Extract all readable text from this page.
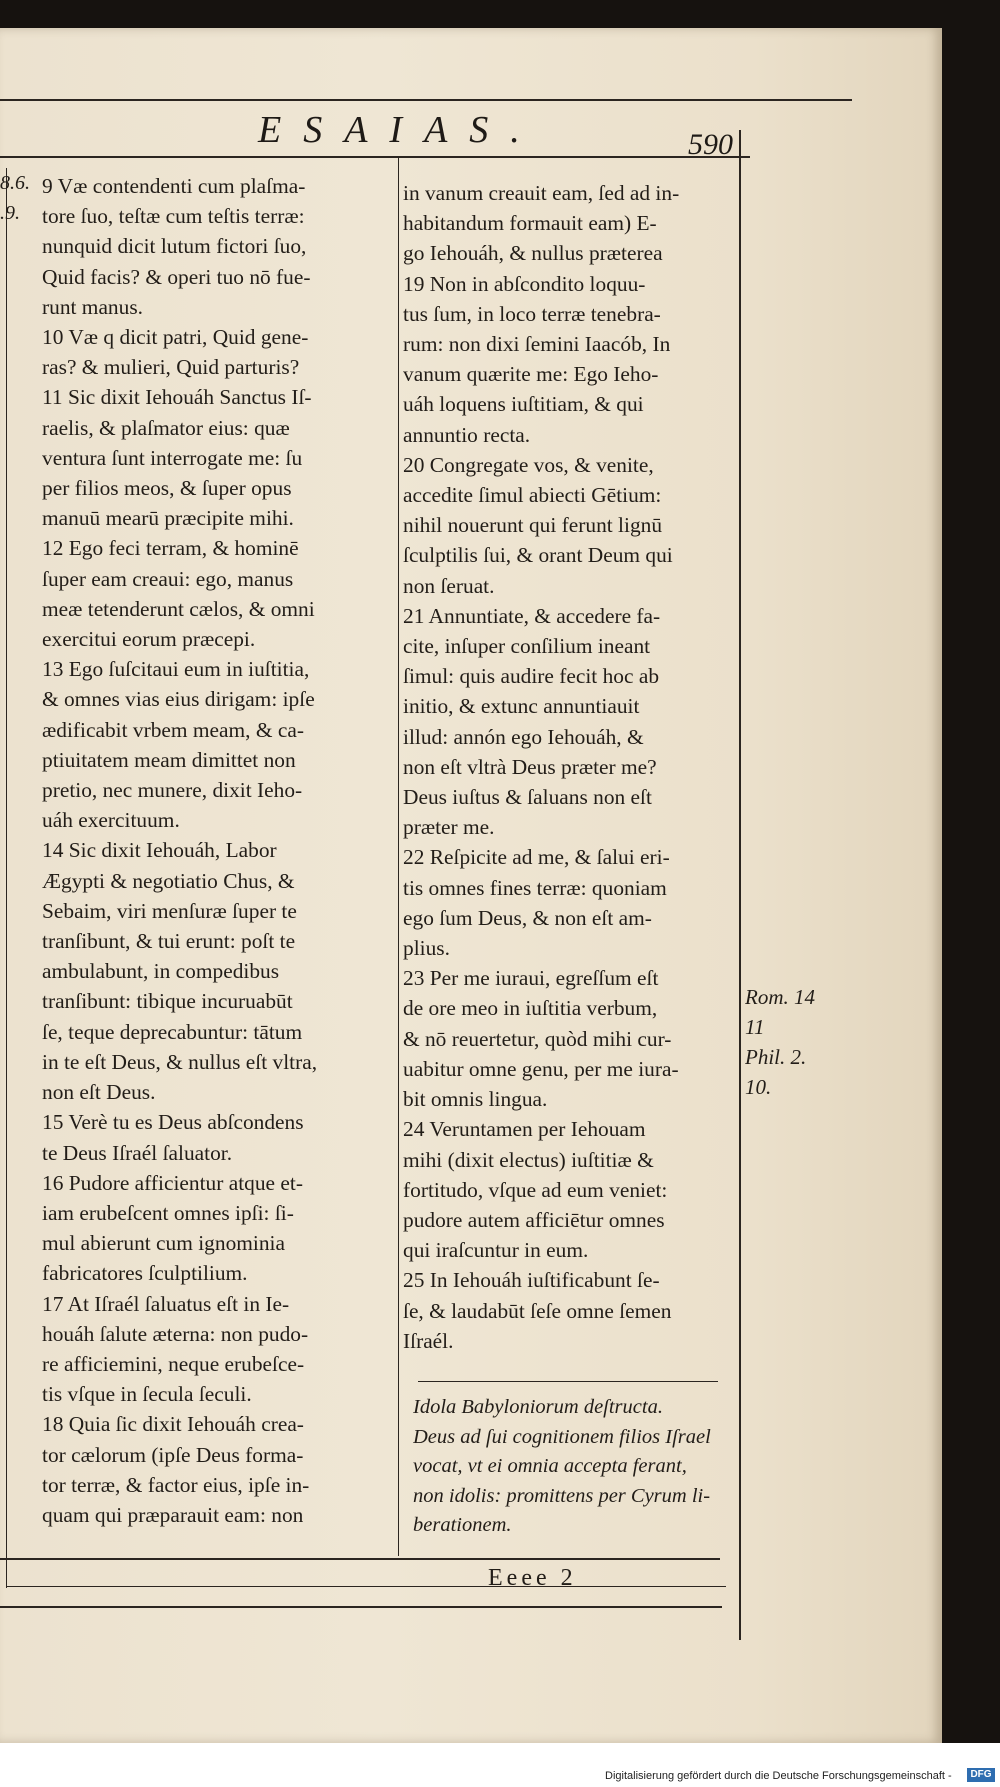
ESAIAS.	590
8.6.
.9.
9 Væ contendenti cum plaſma-
tore ſuo, teſtæ cum teſtis terræ:
nunquid dicit lutum fictori ſuo,
Quid facis? & operi tuo nō fue-
runt manus.
10 Væ q dicit patri, Quid gene-
ras? & mulieri, Quid parturis?
11 Sic dixit Iehouáh Sanctus Iſ-
raelis, & plaſmator eius: quæ
ventura ſunt interrogate me: ſu
per filios meos, & ſuper opus
manuū mearū præcipite mihi.
12 Ego feci terram, & hominē
ſuper eam creaui: ego, manus
meæ tetenderunt cælos, & omni
exercitui eorum præcepi.
13 Ego ſuſcitaui eum in iuſtitia,
& omnes vias eius dirigam: ipſe
ædificabit vrbem meam, & ca-
ptiuitatem meam dimittet non
pretio, nec munere, dixit Ieho-
uáh exercituum.
14 Sic dixit Iehouáh, Labor
Ægypti & negotiatio Chus, &
Sebaim, viri menſuræ ſuper te
tranſibunt, & tui erunt: poſt te
ambulabunt, in compedibus
tranſibunt: tibique incuruabūt
ſe, teque deprecabuntur: tātum
in te eſt Deus, & nullus eſt vltra,
non eſt Deus.
15 Verè tu es Deus abſcondens
te Deus Iſraél ſaluator.
16 Pudore afficientur atque et-
iam erubeſcent omnes ipſi: ſi-
mul abierunt cum ignominia
fabricatores ſculptilium.
17 At Iſraél ſaluatus eſt in Ie-
houáh ſalute æterna: non pudo-
re afficiemini, neque erubeſce-
tis vſque in ſecula ſeculi.
18 Quia ſic dixit Iehouáh crea-
tor cælorum (ipſe Deus forma-
tor terræ, & factor eius, ipſe in-
quam qui præparauit eam: non
in vanum creauit eam, ſed ad in-
habitandum formauit eam) E-
go Iehouáh, & nullus præterea
19 Non in abſcondito loquu-
tus ſum, in loco terræ tenebra-
rum: non dixi ſemini Iaacób, In
vanum quærite me: Ego Ieho-
uáh loquens iuſtitiam, & qui
annuntio recta.
20 Congregate vos, & venite,
accedite ſimul abiecti Gētium:
nihil nouerunt qui ferunt lignū
ſculptilis ſui, & orant Deum qui
non ſeruat.
21 Annuntiate, & accedere fa-
cite, inſuper conſilium ineant
ſimul: quis audire fecit hoc ab
initio, & extunc annuntiauit
illud: annón ego Iehouáh, &
non eſt vltrà Deus præter me?
Deus iuſtus & ſaluans non eſt
præter me.
22 Reſpicite ad me, & ſalui eri-
tis omnes fines terræ: quoniam
ego ſum Deus, & non eſt am-
plius.
23 Per me iuraui, egreſſum eſt
de ore meo in iuſtitia verbum,
& nō reuertetur, quòd mihi cur-
uabitur omne genu, per me iura-
bit omnis lingua.
24 Veruntamen per Iehouam
mihi (dixit electus) iuſtitiæ &
fortitudo, vſque ad eum veniet:
pudore autem afficiētur omnes
qui iraſcuntur in eum.
25 In Iehouáh iuſtificabunt ſe-
ſe, & laudabūt ſeſe omne ſemen
Iſraél.
Rom. 14
11
Phil. 2.
10.
Idola Babyloniorum deſtructa.
Deus ad ſui cognitionem filios Iſrael
vocat, vt ei omnia accepta ferant,
non idolis: promittens per Cyrum li-
berationem.
Eeee 2
Digitalisierung gefördert durch die Deutsche Forschungsgemeinschaft -	DFG
